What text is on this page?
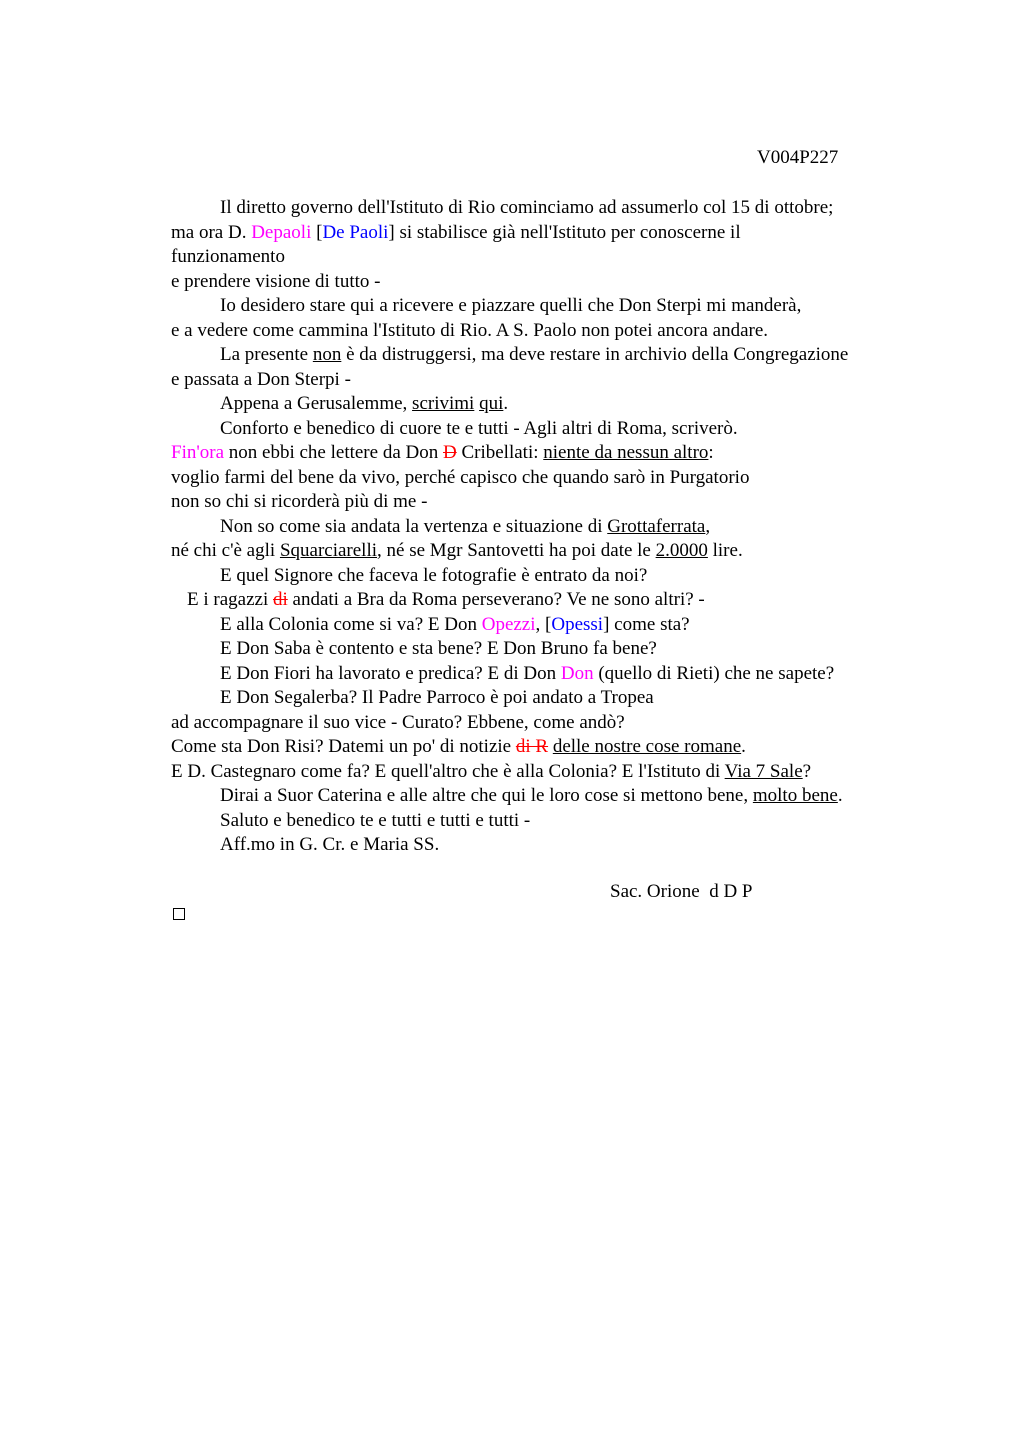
V004P227
Il diretto governo dell'Istituto di Rio cominciamo ad assumerlo col 15 di ottobre;
ma ora D. Depaoli [De Paoli] si stabilisce già nell'Istituto per conoscerne il
funzionamento
e prendere visione di tutto -
Io desidero stare qui a ricevere e piazzare quelli che Don Sterpi mi manderà,
e a vedere come cammina l'Istituto di Rio. A S. Paolo non potei ancora andare.
La presente non è da distruggersi, ma deve restare in archivio della Congregazione
e passata a Don Sterpi -
Appena a Gerusalemme, scrivimi qui.
Conforto e benedico di cuore te e tutti - Agli altri di Roma, scriverò.
Fin'ora non ebbi che lettere da Don D Cribellati: niente da nessun altro:
voglio farmi del bene da vivo, perché capisco che quando sarò in Purgatorio
non so chi si ricorderà più di me -
Non so come sia andata la vertenza e situazione di Grottaferrata,
né chi c'è agli Squarciarelli, né se Mgr Santovetti ha poi date le 2.0000 lire.
E quel Signore che faceva le fotografie è entrato da noi?
E i ragazzi di andati a Bra da Roma perseverano? Ve ne sono altri? -
E alla Colonia come si va? E Don Opezzi, [Opessi] come sta?
E Don Saba è contento e sta bene? E Don Bruno fa bene?
E Don Fiori ha lavorato e predica? E di Don Don (quello di Rieti) che ne sapete?
E Don Segalerba? Il Padre Parroco è poi andato a Tropea
ad accompagnare il suo vice - Curato? Ebbene, come andò?
Come sta Don Risi? Datemi un po' di notizie di R delle nostre cose romane.
E D. Castegnaro come fa? E quell'altro che è alla Colonia? E l'Istituto di Via 7 Sale?
Dirai a Suor Caterina e alle altre che qui le loro cose si mettono bene, molto bene.
Saluto e benedico te e tutti e tutti e tutti -
Aff.mo in G. Cr. e Maria SS.
Sac. Orione  d D P
